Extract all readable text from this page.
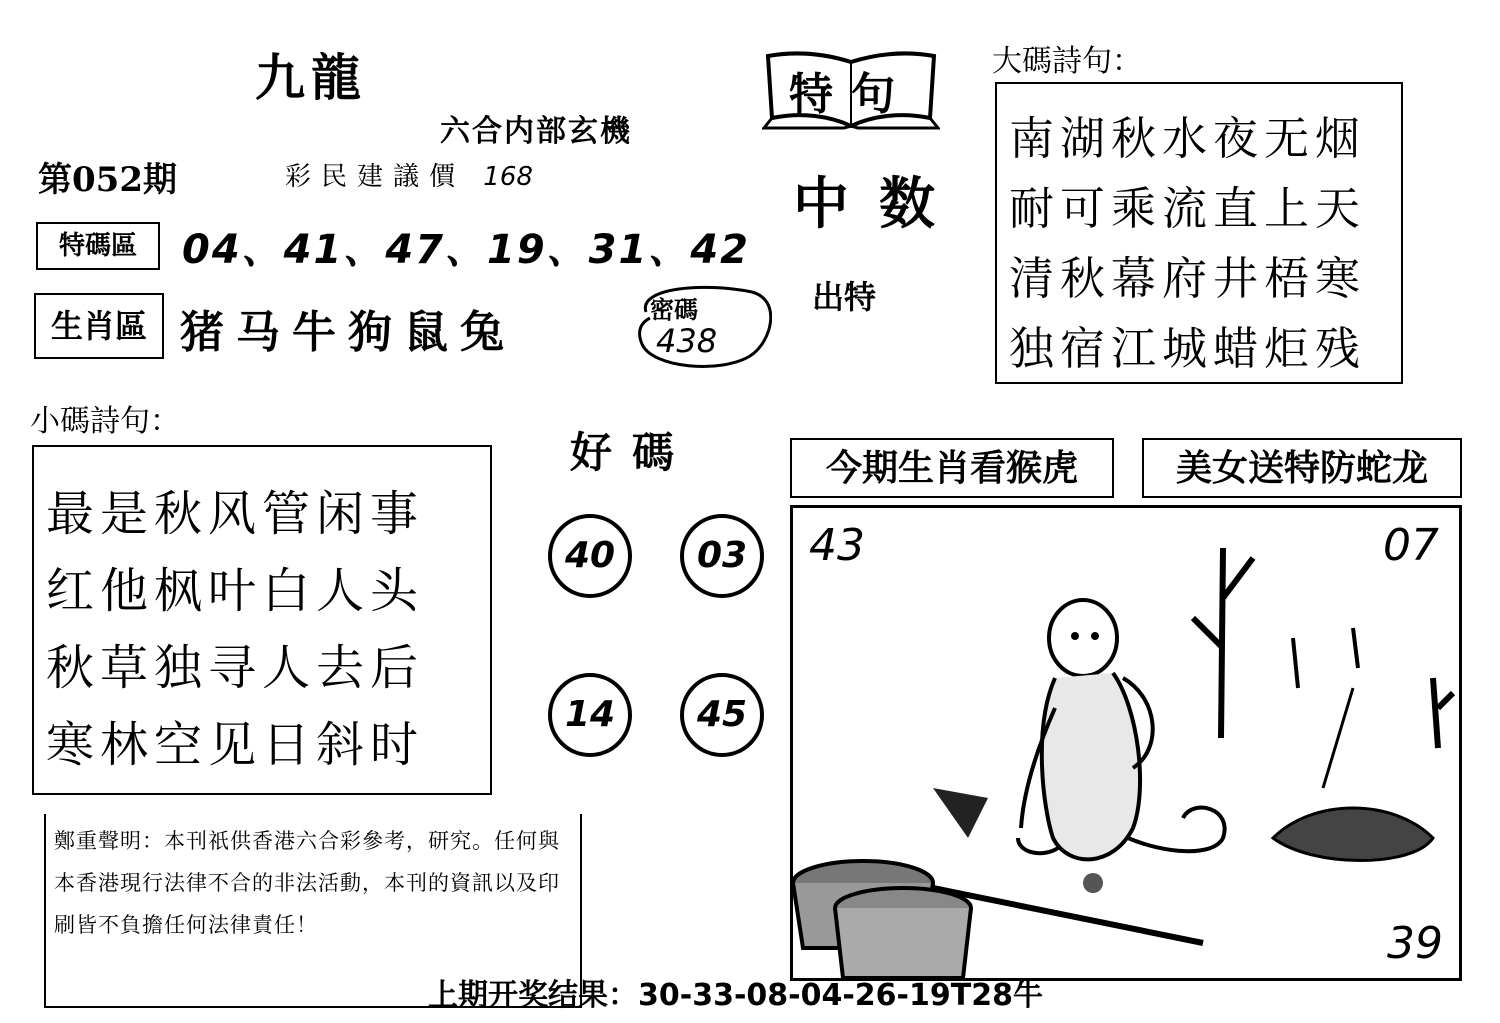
九龍
六合内部玄機
第052期	彩民建議價 168
特碼區	04、41、47、19、31、42
生肖區 猪马牛狗鼠兔	密碼
438
特句
中数
出特
大碼詩句：
南湖秋水夜无烟
耐可乘流直上天
清秋幕府井梧寒
独宿江城蜡炬残
小碼詩句：
最是秋风管闲事
红他枫叶白人头
秋草独寻人去后
寒林空见日斜时
好碼
40	03
14	45
今期生肖看猴虎	美女送特防蛇龙
43	07
39
鄭重聲明：本刊祇供香港六合彩參考，研究。任何與本香港現行法律不合的非法活動，本刊的資訊以及印刷皆不負擔任何法律責任！
上期开奖结果：30-33-08-04-26-19T28牛
